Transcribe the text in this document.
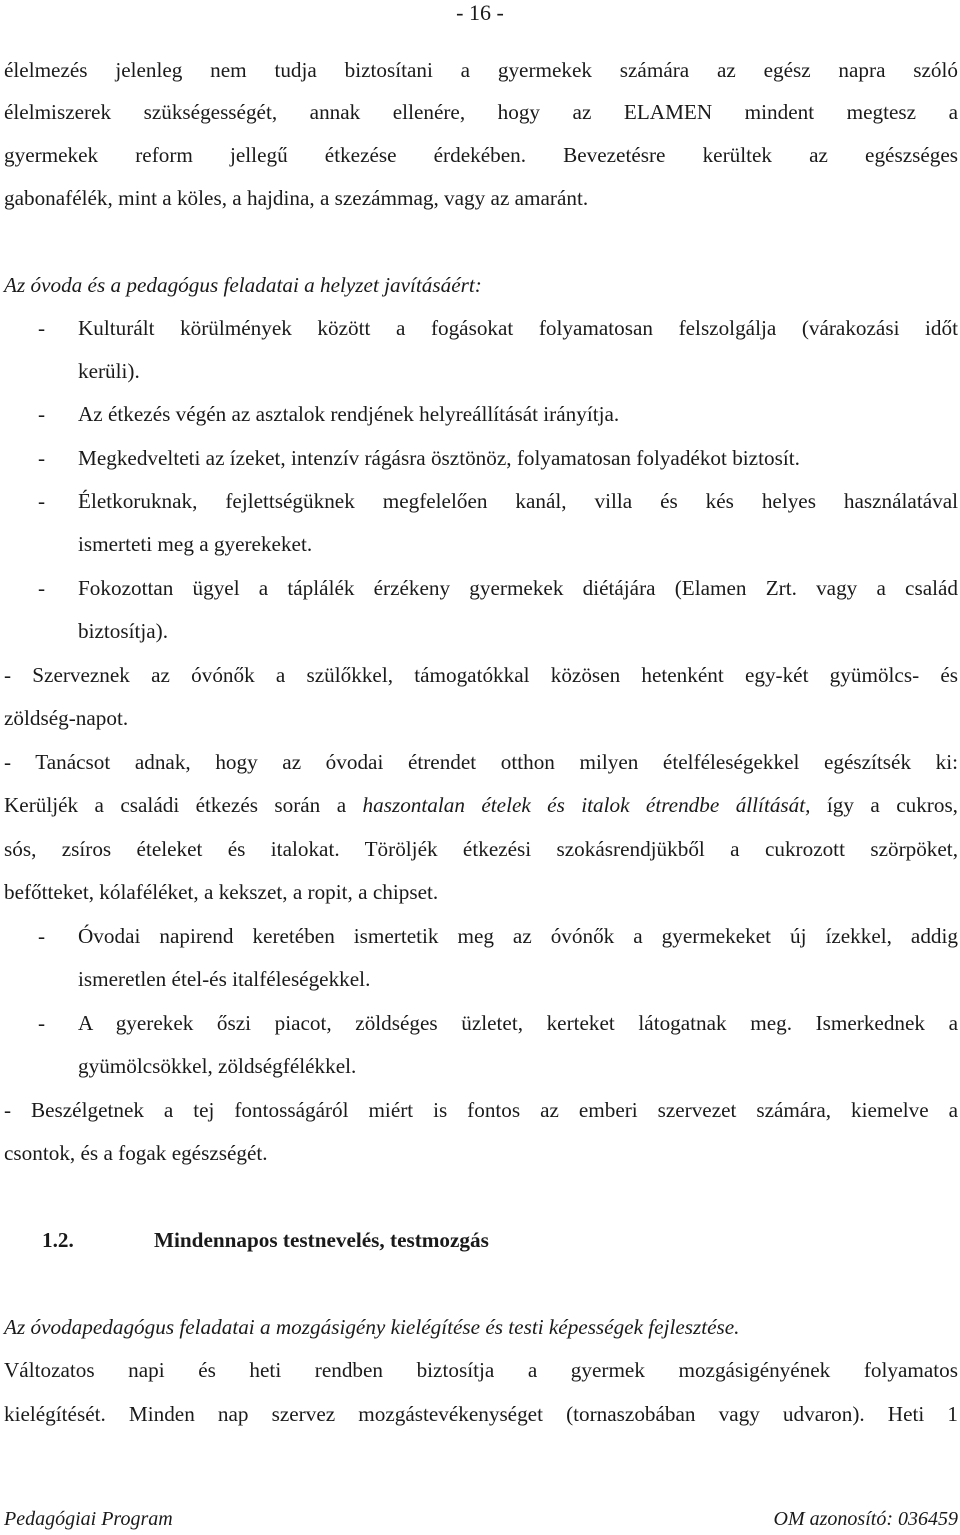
- 16 -
élelmezés jelenleg nem tudja biztosítani a gyermekek számára az egész napra szóló
élelmiszerek szükségességét, annak ellenére, hogy az ELAMEN mindent megtesz a
gyermekek reform jellegű étkezése érdekében. Bevezetésre kerültek az egészséges
gabonafélék, mint a köles, a hajdina, a szezámmag, vagy az amaránt.
Az óvoda és a pedagógus feladatai a helyzet javításáért:
- Kulturált körülmények között a fogásokat folyamatosan felszolgálja (várakozási időt
kerüli).
- Az étkezés végén az asztalok rendjének helyreállítását irányítja.
- Megkedvelteti az ízeket, intenzív rágásra ösztönöz, folyamatosan folyadékot biztosít.
- Életkoruknak, fejlettségüknek megfelelően kanál, villa és kés helyes használatával
ismerteti meg a gyerekeket.
- Fokozottan ügyel a táplálék érzékeny gyermekek diétájára (Elamen Zrt. vagy a család
biztosítja).
- Szerveznek az óvónők a szülőkkel, támogatókkal közösen hetenként egy-két gyümölcs- és
zöldség-napot.
- Tanácsot adnak, hogy az óvodai étrendet otthon milyen ételféleségekkel egészítsék ki:
Kerüljék a családi étkezés során a haszontalan ételek és italok étrendbe állítását, így a cukros,
sós, zsíros ételeket és italokat. Töröljék étkezési szokásrendjükből a cukrozott szörpöket,
befőtteket, kólaféléket, a kekszet, a ropit, a chipset.
- Óvodai napirend keretében ismertetik meg az óvónők a gyermekeket új ízekkel, addig
ismeretlen étel-és italféleségekkel.
- A gyerekek őszi piacot, zöldséges üzletet, kerteket látogatnak meg. Ismerkednek a
gyümölcsökkel, zöldségfélékkel.
- Beszélgetnek a tej fontosságáról miért is fontos az emberi szervezet számára, kiemelve a
csontok, és a fogak egészségét.
1.2.	Mindennapos testnevelés, testmozgás
Az óvodapedagógus feladatai a mozgásigény kielégítése és testi képességek fejlesztése.
Változatos napi és heti rendben biztosítja a gyermek mozgásigényének folyamatos
kielégítését. Minden nap szervez mozgástevékenységet (tornaszobában vagy udvaron). Heti 1
Pedagógiai Program	OM azonosító: 036459
